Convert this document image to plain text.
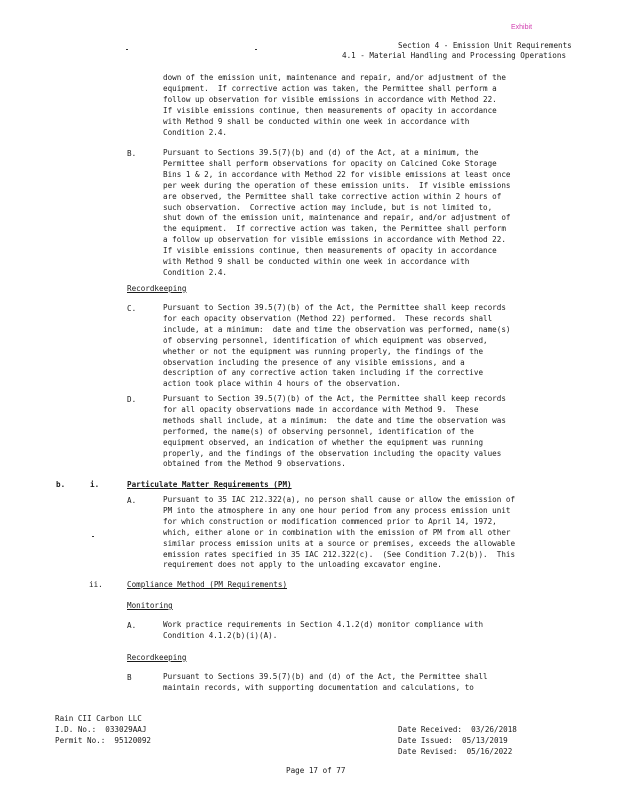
Exhibit
Section 4 - Emission Unit Requirements
4.1 - Material Handling and Processing Operations
down of the emission unit, maintenance and repair, and/or adjustment of the
equipment.  If corrective action was taken, the Permittee shall perform a
follow up observation for visible emissions in accordance with Method 22.
If visible emissions continue, then measurements of opacity in accordance
with Method 9 shall be conducted within one week in accordance with
Condition 2.4.
B.	Pursuant to Sections 39.5(7)(b) and (d) of the Act, at a minimum, the
Permittee shall perform observations for opacity on Calcined Coke Storage
Bins 1 & 2, in accordance with Method 22 for visible emissions at least once
per week during the operation of these emission units.  If visible emissions
are observed, the Permittee shall take corrective action within 2 hours of
such observation.  Corrective action may include, but is not limited to,
shut down of the emission unit, maintenance and repair, and/or adjustment of
the equipment.  If corrective action was taken, the Permittee shall perform
a follow up observation for visible emissions in accordance with Method 22.
If visible emissions continue, then measurements of opacity in accordance
with Method 9 shall be conducted within one week in accordance with
Condition 2.4.
Recordkeeping
C.	Pursuant to Section 39.5(7)(b) of the Act, the Permittee shall keep records
for each opacity observation (Method 22) performed.  These records shall
include, at a minimum:  date and time the observation was performed, name(s)
of observing personnel, identification of which equipment was observed,
whether or not the equipment was running properly, the findings of the
observation including the presence of any visible emissions, and a
description of any corrective action taken including if the corrective
action took place within 4 hours of the observation.
D.	Pursuant to Section 39.5(7)(b) of the Act, the Permittee shall keep records
for all opacity observations made in accordance with Method 9.  These
methods shall include, at a minimum:  the date and time the observation was
performed, the name(s) of observing personnel, identification of the
equipment observed, an indication of whether the equipment was running
properly, and the findings of the observation including the opacity values
obtained from the Method 9 observations.
b.	i.	Particulate Matter Requirements (PM)
A.	Pursuant to 35 IAC 212.322(a), no person shall cause or allow the emission of
PM into the atmosphere in any one hour period from any process emission unit
for which construction or modification commenced prior to April 14, 1972,
which, either alone or in combination with the emission of PM from all other
similar process emission units at a source or premises, exceeds the allowable
emission rates specified in 35 IAC 212.322(c).  (See Condition 7.2(b)).  This
requirement does not apply to the unloading excavator engine.
ii.	Compliance Method (PM Requirements)
Monitoring
A.	Work practice requirements in Section 4.1.2(d) monitor compliance with
Condition 4.1.2(b)(i)(A).
Recordkeeping
B	Pursuant to Sections 39.5(7)(b) and (d) of the Act, the Permittee shall
maintain records, with supporting documentation and calculations, to
Rain CII Carbon LLC
I.D. No.:  033029AAJ
Permit No.:  95120092
Date Received:  03/26/2018
Date Issued:  05/13/2019
Date Revised:  05/16/2022
Page 17 of 77
